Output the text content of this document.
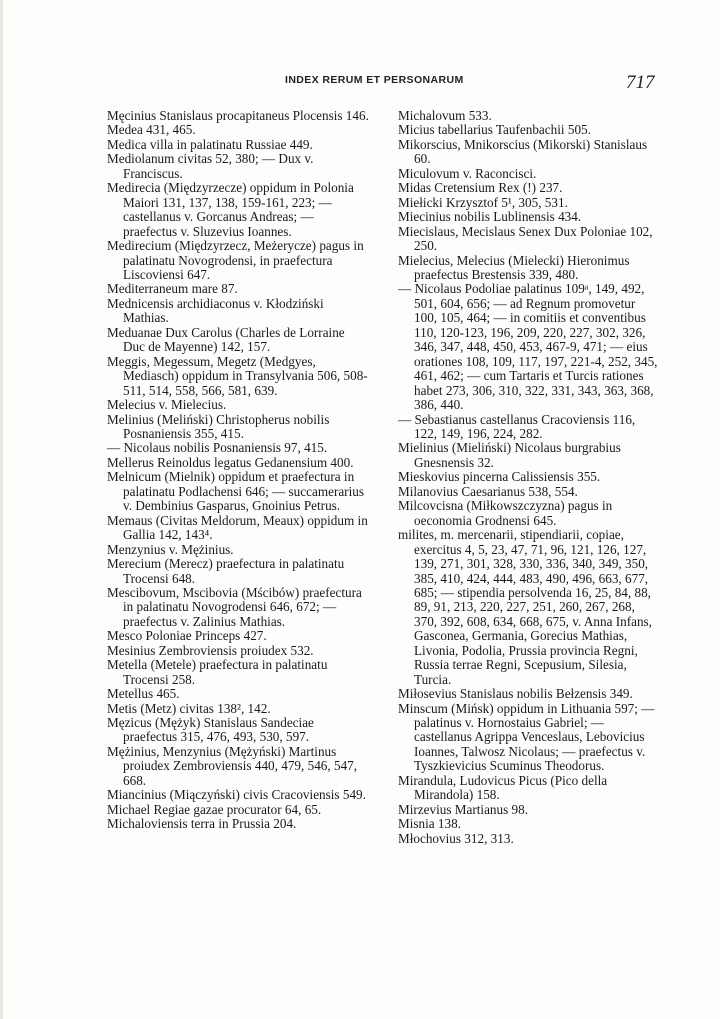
INDEX RERUM ET PERSONARUM	717
Męcinius Stanislaus procapitaneus Plocensis 146.
Medea 431, 465.
Medica villa in palatinatu Russiae 449.
Mediolanum civitas 52, 380; — Dux v. Franciscus.
Medirecia (Międzyrzecze) oppidum in Polonia Maiori 131, 137, 138, 159-161, 223; — castellanus v. Gorcanus Andreas; — praefectus v. Sluzevius Ioannes.
Medirecium (Międzyrzecz, Meżerycze) pagus in palatinatu Novogrodensi, in praefectura Liscoviensi 647.
Mediterraneum mare 87.
Mednicensis archidiaconus v. Kłodziński Mathias.
Meduanae Dux Carolus (Charles de Lorraine Duc de Mayenne) 142, 157.
Meggis, Megessum, Megetz (Medgyes, Mediasch) oppidum in Transylvania 506, 508-511, 514, 558, 566, 581, 639.
Melecius v. Mielecius.
Melinius (Meliński) Christopherus nobilis Posnaniensis 355, 415.
— Nicolaus nobilis Posnaniensis 97, 415.
Mellerus Reinoldus legatus Gedanensium 400.
Melnicum (Mielnik) oppidum et praefectura in palatinatu Podlachensi 646; — succamerarius v. Dembinius Gasparus, Gnoinius Petrus.
Memaus (Civitas Meldorum, Meaux) oppidum in Gallia 142, 143⁴.
Menzynius v. Mężinius.
Merecium (Merecz) praefectura in palatinatu Trocensi 648.
Mescibovum, Mscibovia (Mścibów) praefectura in palatinatu Novogrodensi 646, 672; — praefectus v. Zalinius Mathias.
Mesco Poloniae Princeps 427.
Mesinius Zembroviensis proiudex 532.
Metella (Metele) praefectura in palatinatu Trocensi 258.
Metellus 465.
Metis (Metz) civitas 138², 142.
Męzicus (Mężyk) Stanislaus Sandeciae praefectus 315, 476, 493, 530, 597.
Mężinius, Menzynius (Mężyński) Martinus proiudex Zembroviensis 440, 479, 546, 547, 668.
Miancinius (Miączyński) civis Cracoviensis 549.
Michael Regiae gazae procurator 64, 65.
Michaloviensis terra in Prussia 204.
Michalovum 533.
Micius tabellarius Taufenbachii 505.
Mikorscius, Mnikorscius (Mikorski) Stanislaus 60.
Miculovum v. Raconcisci.
Midas Cretensium Rex (!) 237.
Miełicki Krzysztof 5¹, 305, 531.
Miecinius nobilis Lublinensis 434.
Miecislaus, Mecislaus Senex Dux Poloniae 102, 250.
Mielecius, Melecius (Mielecki) Hieronimus praefectus Brestensis 339, 480.
— Nicolaus Podoliae palatinus 109ᵃ, 149, 492, 501, 604, 656; — ad Regnum promovetur 100, 105, 464; — in comitiis et conventibus 110, 120-123, 196, 209, 220, 227, 302, 326, 346, 347, 448, 450, 453, 467-9, 471; — eius orationes 108, 109, 117, 197, 221-4, 252, 345, 461, 462; — cum Tartaris et Turcis rationes habet 273, 306, 310, 322, 331, 343, 363, 368, 386, 440.
— Sebastianus castellanus Cracoviensis 116, 122, 149, 196, 224, 282.
Mielinius (Mieliński) Nicolaus burgrabius Gnesnensis 32.
Mieskovius pincerna Calissiensis 355.
Milanovius Caesarianus 538, 554.
Milcovcisna (Miłkowszczyzna) pagus in oeconomia Grodnensi 645.
milites, m. mercenarii, stipendiarii, copiae, exercitus 4, 5, 23, 47, 71, 96, 121, 126, 127, 139, 271, 301, 328, 330, 336, 340, 349, 350, 385, 410, 424, 444, 483, 490, 496, 663, 677, 685; — stipendia persolvenda 16, 25, 84, 88, 89, 91, 213, 220, 227, 251, 260, 267, 268, 370, 392, 608, 634, 668, 675, v. Anna Infans, Gasconea, Germania, Gorecius Mathias, Livonia, Podolia, Prussia provincia Regni, Russia terrae Regni, Scepusium, Silesia, Turcia.
Miłosevius Stanislaus nobilis Bełzensis 349.
Minscum (Mińsk) oppidum in Lithuania 597; — palatinus v. Hornostaius Gabriel; — castellanus Agrippa Venceslaus, Lebovicius Ioannes, Talwosz Nicolaus; — praefectus v. Tyszkievicius Scuminus Theodorus.
Mirandula, Ludovicus Picus (Pico della Mirandola) 158.
Mirzevius Martianus 98.
Misnia 138.
Młochovius 312, 313.
